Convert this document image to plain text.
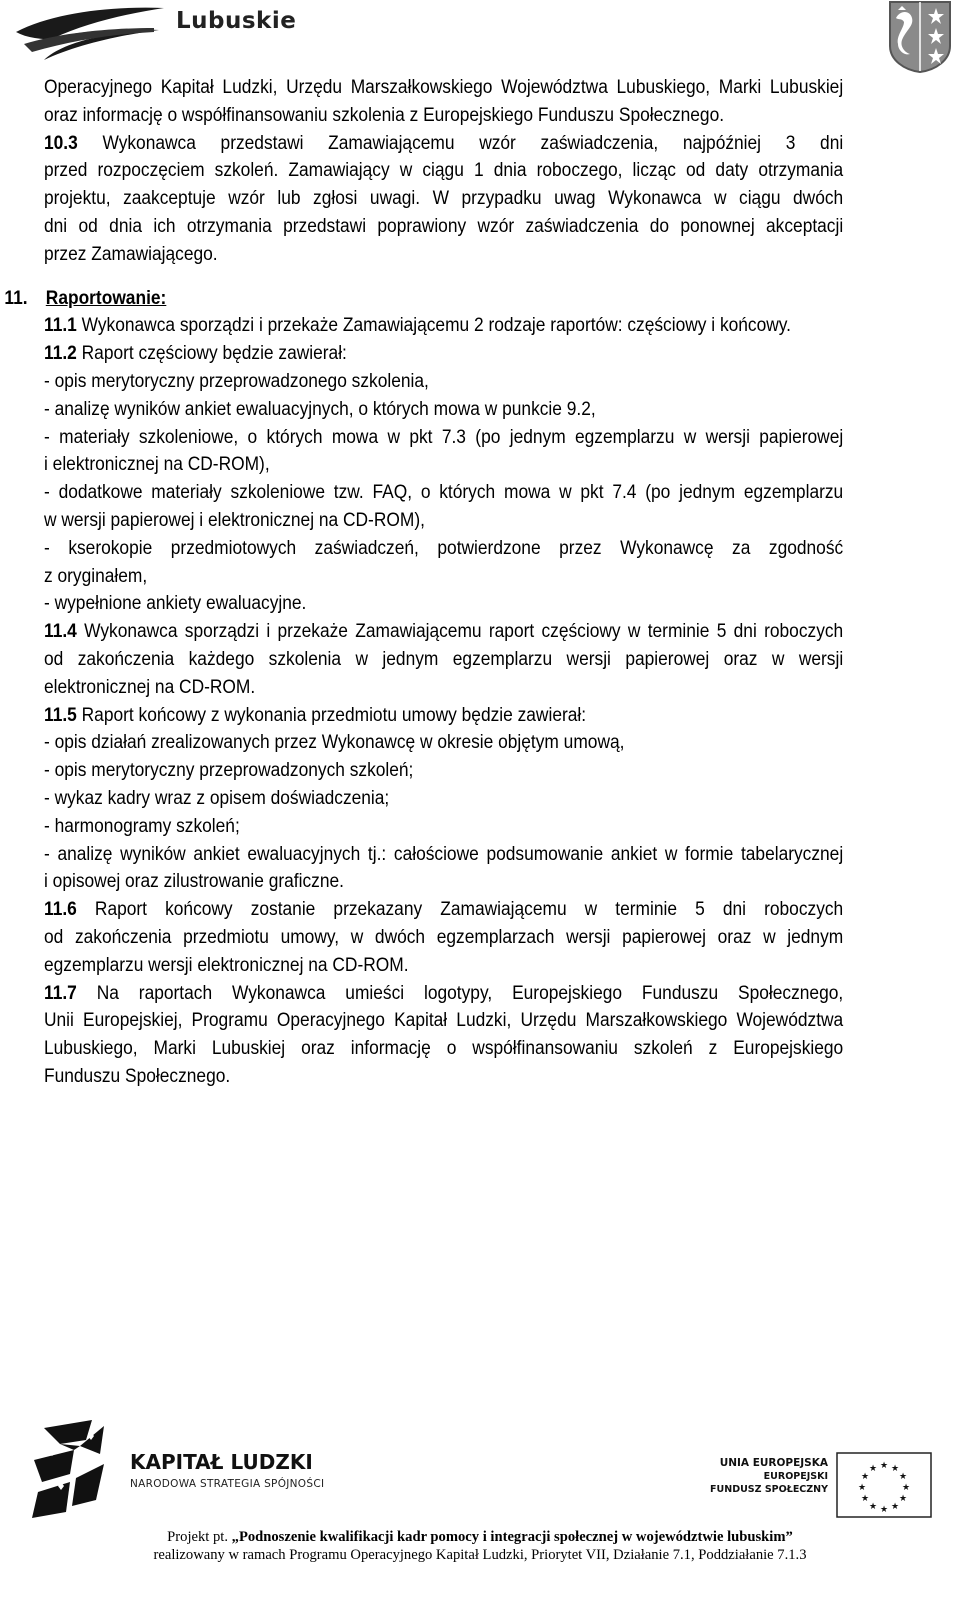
Lubuskie

Operacyjnego Kapitał Ludzki, Urzędu Marszałkowskiego Województwa Lubuskiego, Marki Lubuskiej

oraz informację o współfinansowaniu szkolenia z Europejskiego Funduszu Społecznego.

10.3 Wykonawca przedstawi Zamawiającemu wzór zaświadczenia, najpóźniej 3 dni

przed rozpoczęciem szkoleń. Zamawiający w ciągu 1 dnia roboczego, licząc od daty otrzymania

projektu, zaakceptuje wzór lub zgłosi uwagi. W przypadku uwag Wykonawca w ciągu dwóch

dni od dnia ich otrzymania przedstawi poprawiony wzór zaświadczenia do ponownej akceptacji

przez Zamawiającego.

11. Raportowanie:

11.1 Wykonawca sporządzi i przekaże Zamawiającemu 2 rodzaje raportów: częściowy i końcowy.

11.2 Raport częściowy będzie zawierał:

- opis merytoryczny przeprowadzonego szkolenia,

- analizę wyników ankiet ewaluacyjnych, o których mowa w punkcie 9.2,

- materiały szkoleniowe, o których mowa w pkt 7.3 (po jednym egzemplarzu w wersji papierowej

i elektronicznej na CD-ROM),

- dodatkowe materiały szkoleniowe tzw. FAQ, o których mowa w pkt 7.4 (po jednym egzemplarzu

w wersji papierowej i elektronicznej na CD-ROM),

- kserokopie przedmiotowych zaświadczeń, potwierdzone przez Wykonawcę za zgodność

z oryginałem,

- wypełnione ankiety ewaluacyjne.

11.4 Wykonawca sporządzi i przekaże Zamawiającemu raport częściowy w terminie 5 dni roboczych

od zakończenia każdego szkolenia w jednym egzemplarzu wersji papierowej oraz w wersji

elektronicznej na CD-ROM.

11.5 Raport końcowy z wykonania przedmiotu umowy będzie zawierał:

- opis działań zrealizowanych przez Wykonawcę w okresie objętym umową,

- opis merytoryczny przeprowadzonych szkoleń;

- wykaz kadry wraz z opisem doświadczenia;

- harmonogramy szkoleń;

- analizę wyników ankiet ewaluacyjnych tj.: całościowe podsumowanie ankiet w formie tabelarycznej

i opisowej oraz zilustrowanie graficzne.

11.6 Raport końcowy zostanie przekazany Zamawiającemu w terminie 5 dni roboczych

od zakończenia przedmiotu umowy, w dwóch egzemplarzach wersji papierowej oraz w jednym

egzemplarzu wersji elektronicznej na CD-ROM.

11.7 Na raportach Wykonawca umieści logotypy, Europejskiego Funduszu Społecznego,

Unii Europejskiej, Programu Operacyjnego Kapitał Ludzki, Urzędu Marszałkowskiego Województwa

Lubuskiego, Marki Lubuskiej oraz informację o współfinansowaniu szkoleń z Europejskiego

Funduszu Społecznego.

KAPITAŁ LUDZKI
NARODOWA STRATEGIA SPÓJNOŚCI
UNIA EUROPEJSKA
EUROPEJSKI
FUNDUSZ SPOŁECZNY
★ ★
★
★
★
★
★
★
★
★
★
★
Projekt pt. „Podnoszenie kwalifikacji kadr pomocy i integracji społecznej w województwie lubuskim”
realizowany w ramach Programu Operacyjnego Kapitał Ludzki, Priorytet VII, Działanie 7.1, Poddziałanie 7.1.3
